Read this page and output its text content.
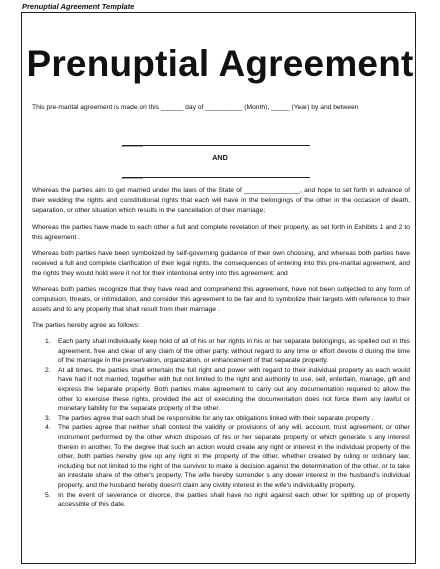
Prenuptial Agreement Template
Prenuptial Agreement
This pre-marital agreement is made on this ______ day of __________ (Month), _____ (Year) by and between
_____
AND
_____
Whereas the parties aim to get married under the laws of the State of _______________, and hope to set forth in advance of their wedding the rights and constitutional rights that each will have in the belongings of the other in the occasion of death, separation, or other situation which results in the cancellation of their marriage;
Whereas the parties have made to each other a full and complete revelation of their property, as set forth in Exhibits 1 and 2 to this agreement .
Whereas both parties have been symbolized by self-governing guidance of their own choosing, and whereas both parties have received a full and complete clarification of their legal rights, the consequences of entering into this pre-marital agreement, and the rights they would hold were it not for their intentional entry into this agreement; and
Whereas both parties recognize that they have read and comprehend this agreement, have not been subjected to any form of compulsion, threats, or intimidation, and consider this agreement to be fair and to symbolize their targets with reference to their assets and to any property that shall result from their marriage .
The parties hereby agree as follows:
1. Each party shall individually keep hold of all of his or her rights in his or her separate belongings, as spelled out in this agreement, free and clear of any claim of the other party, without regard to any time or effort devote d during the time of the marriage in the preservation, organization, or enhancement of that separate property.
2. At all times, the parties shall entertain the full right and power with regard to their individual property as each would have had if not married, together with but not limited to the right and authority to use, sell, entertain, manage, gift and express the separate property. Both parties make agreement to carry out any documentation required to allow the other to exercise these rights, provided the act of executing the documentation does not force them any lawful or monetary liability for the separate property of the other.
3. The parties agree that each shall be responsible for any tax obligations linked with their separate property .
4. The parties agree that neither shall contest the validity or provisions of any will, account, trust agreement, or other instrument performed by the other which disposes of his or her separate property or which generate s any interest therein in another. To the degree that such an action would create any right or interest in the individual property of the other, both parties hereby give up any right in the property of the other, whether created by ruling or ordinary law, including but not limited to the right of the survivor to make a decision against the determination of the other, or to take an intestate share of the other's property. The wife hereby surrender s any dower interest in the husband's individual property, and the husband hereby doesn't claim any civility interest in the wife's individuality property.
5. In the event of severance or divorce, the parties shall have no right against each other for splitting up of property accessible of this date.
